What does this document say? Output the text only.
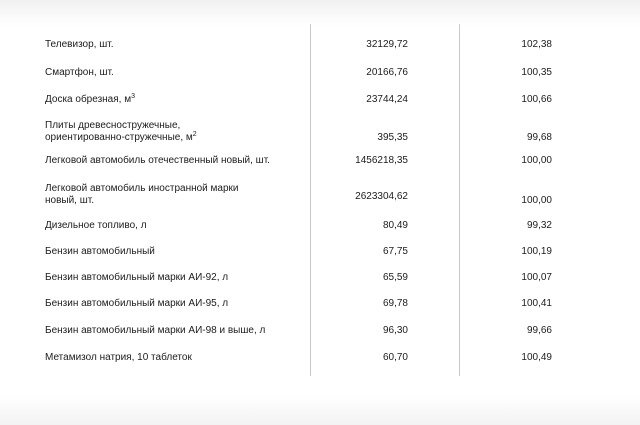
Телевизор, шт.	32129,72	102,38
Смартфон, шт.	20166,76	100,35
Доска обрезная, $м^3$	23744,24	100,66
Плиты древесностружечные,
ориентированно-стружечные, $м^2$	395,35	99,68
Легковой автомобиль отечественный новый, шт.	1456218,35	100,00
Легковой автомобиль иностранной марки
новый, шт.	2623304,62	100,00
Дизельное топливо, л	80,49	99,32
Бензин автомобильный	67,75	100,19
Бензин автомобильный марки АИ-92, л	65,59	100,07
Бензин автомобильный марки АИ-95, л	69,78	100,41
Бензин автомобильный марки АИ-98 и выше, л	96,30	99,66
Метамизол натрия, 10 таблеток	60,70	100,49
